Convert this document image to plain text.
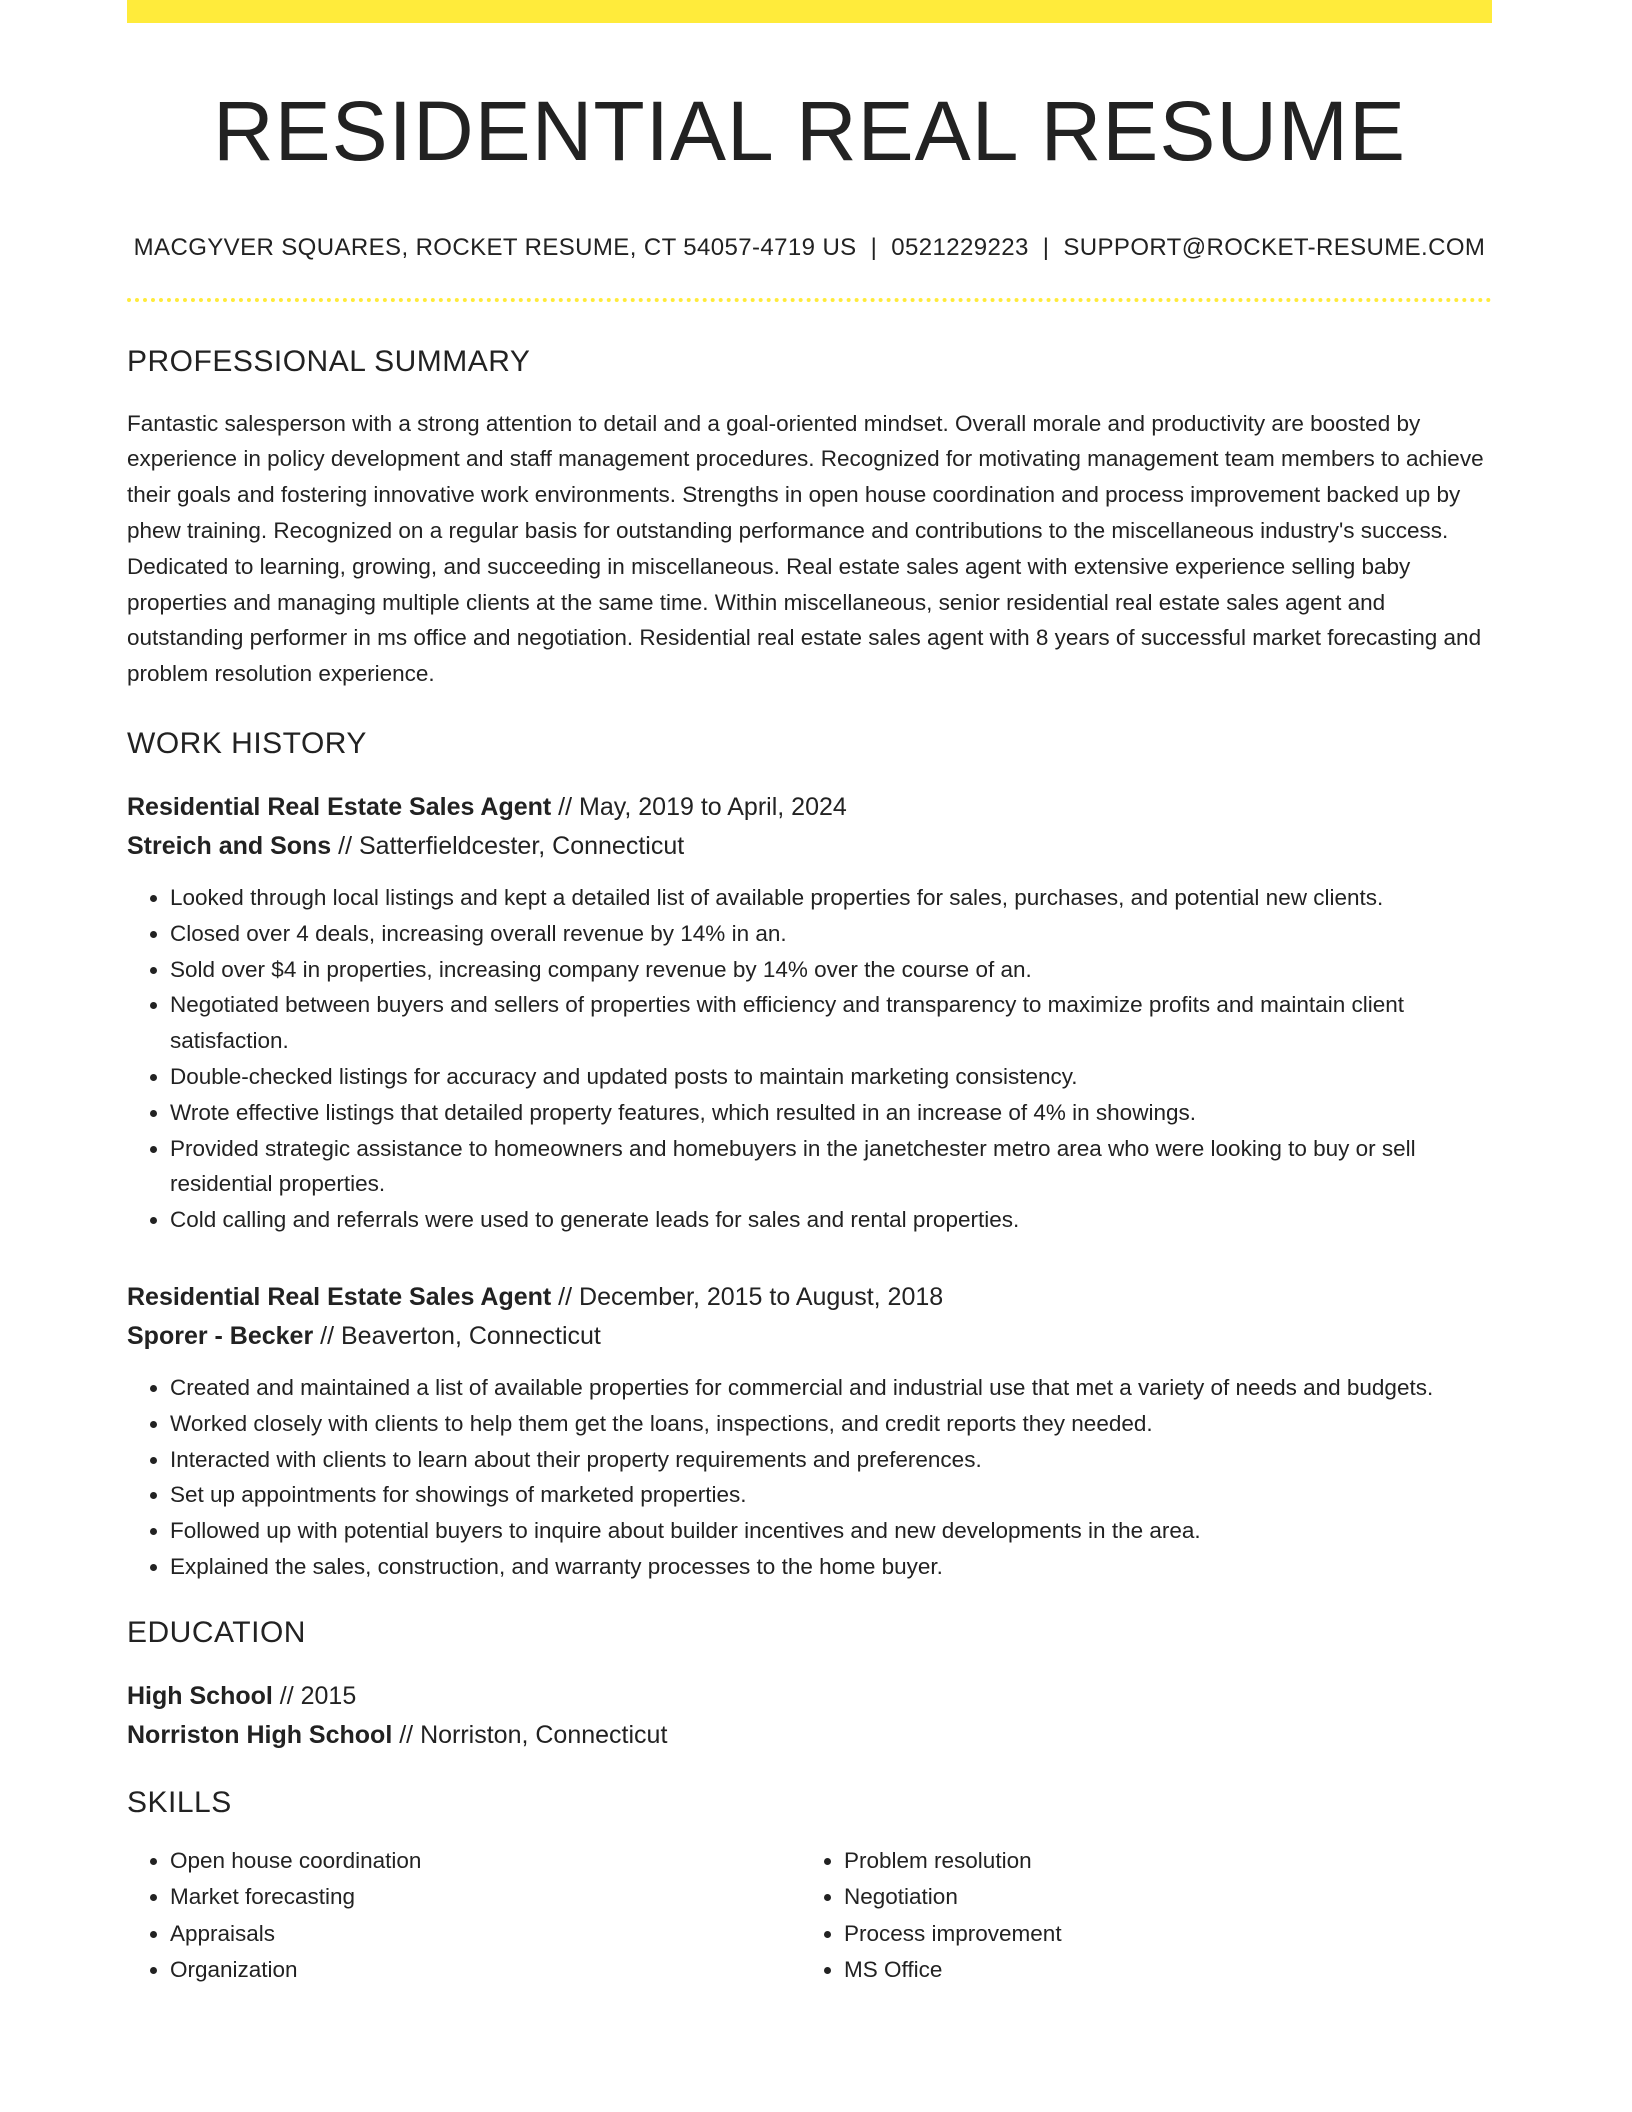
RESIDENTIAL REAL RESUME
MACGYVER SQUARES, ROCKET RESUME, CT 54057-4719 US | 0521229223 | SUPPORT@ROCKET-RESUME.COM
PROFESSIONAL SUMMARY

Fantastic salesperson with a strong attention to detail and a goal-oriented mindset. Overall morale and productivity are boosted by experience in policy development and staff management procedures. Recognized for motivating management team members to achieve their goals and fostering innovative work environments. Strengths in open house coordination and process improvement backed up by phew training. Recognized on a regular basis for outstanding performance and contributions to the miscellaneous industry's success. Dedicated to learning, growing, and succeeding in miscellaneous. Real estate sales agent with extensive experience selling baby properties and managing multiple clients at the same time. Within miscellaneous, senior residential real estate sales agent and outstanding performer in ms office and negotiation. Residential real estate sales agent with 8 years of successful market forecasting and problem resolution experience.

WORK HISTORY
Residential Real Estate Sales Agent // May, 2019 to April, 2024
Streich and Sons // Satterfieldcester, Connecticut
• Looked through local listings and kept a detailed list of available properties for sales, purchases, and potential new clients.
• Closed over 4 deals, increasing overall revenue by 14% in an.
• Sold over $4 in properties, increasing company revenue by 14% over the course of an.
• Negotiated between buyers and sellers of properties with efficiency and transparency to maximize profits and maintain client satisfaction.
• Double-checked listings for accuracy and updated posts to maintain marketing consistency.
• Wrote effective listings that detailed property features, which resulted in an increase of 4% in showings.
• Provided strategic assistance to homeowners and homebuyers in the janetchester metro area who were looking to buy or sell residential properties.
• Cold calling and referrals were used to generate leads for sales and rental properties.
Residential Real Estate Sales Agent // December, 2015 to August, 2018
Sporer - Becker // Beaverton, Connecticut
• Created and maintained a list of available properties for commercial and industrial use that met a variety of needs and budgets.
• Worked closely with clients to help them get the loans, inspections, and credit reports they needed.
• Interacted with clients to learn about their property requirements and preferences.
• Set up appointments for showings of marketed properties.
• Followed up with potential buyers to inquire about builder incentives and new developments in the area.
• Explained the sales, construction, and warranty processes to the home buyer.
EDUCATION
High School // 2015
Norriston High School // Norriston, Connecticut
SKILLS
• Open house coordination
• Market forecasting
• Appraisals
• Organization
• Problem resolution
• Negotiation
• Process improvement
• MS Office
